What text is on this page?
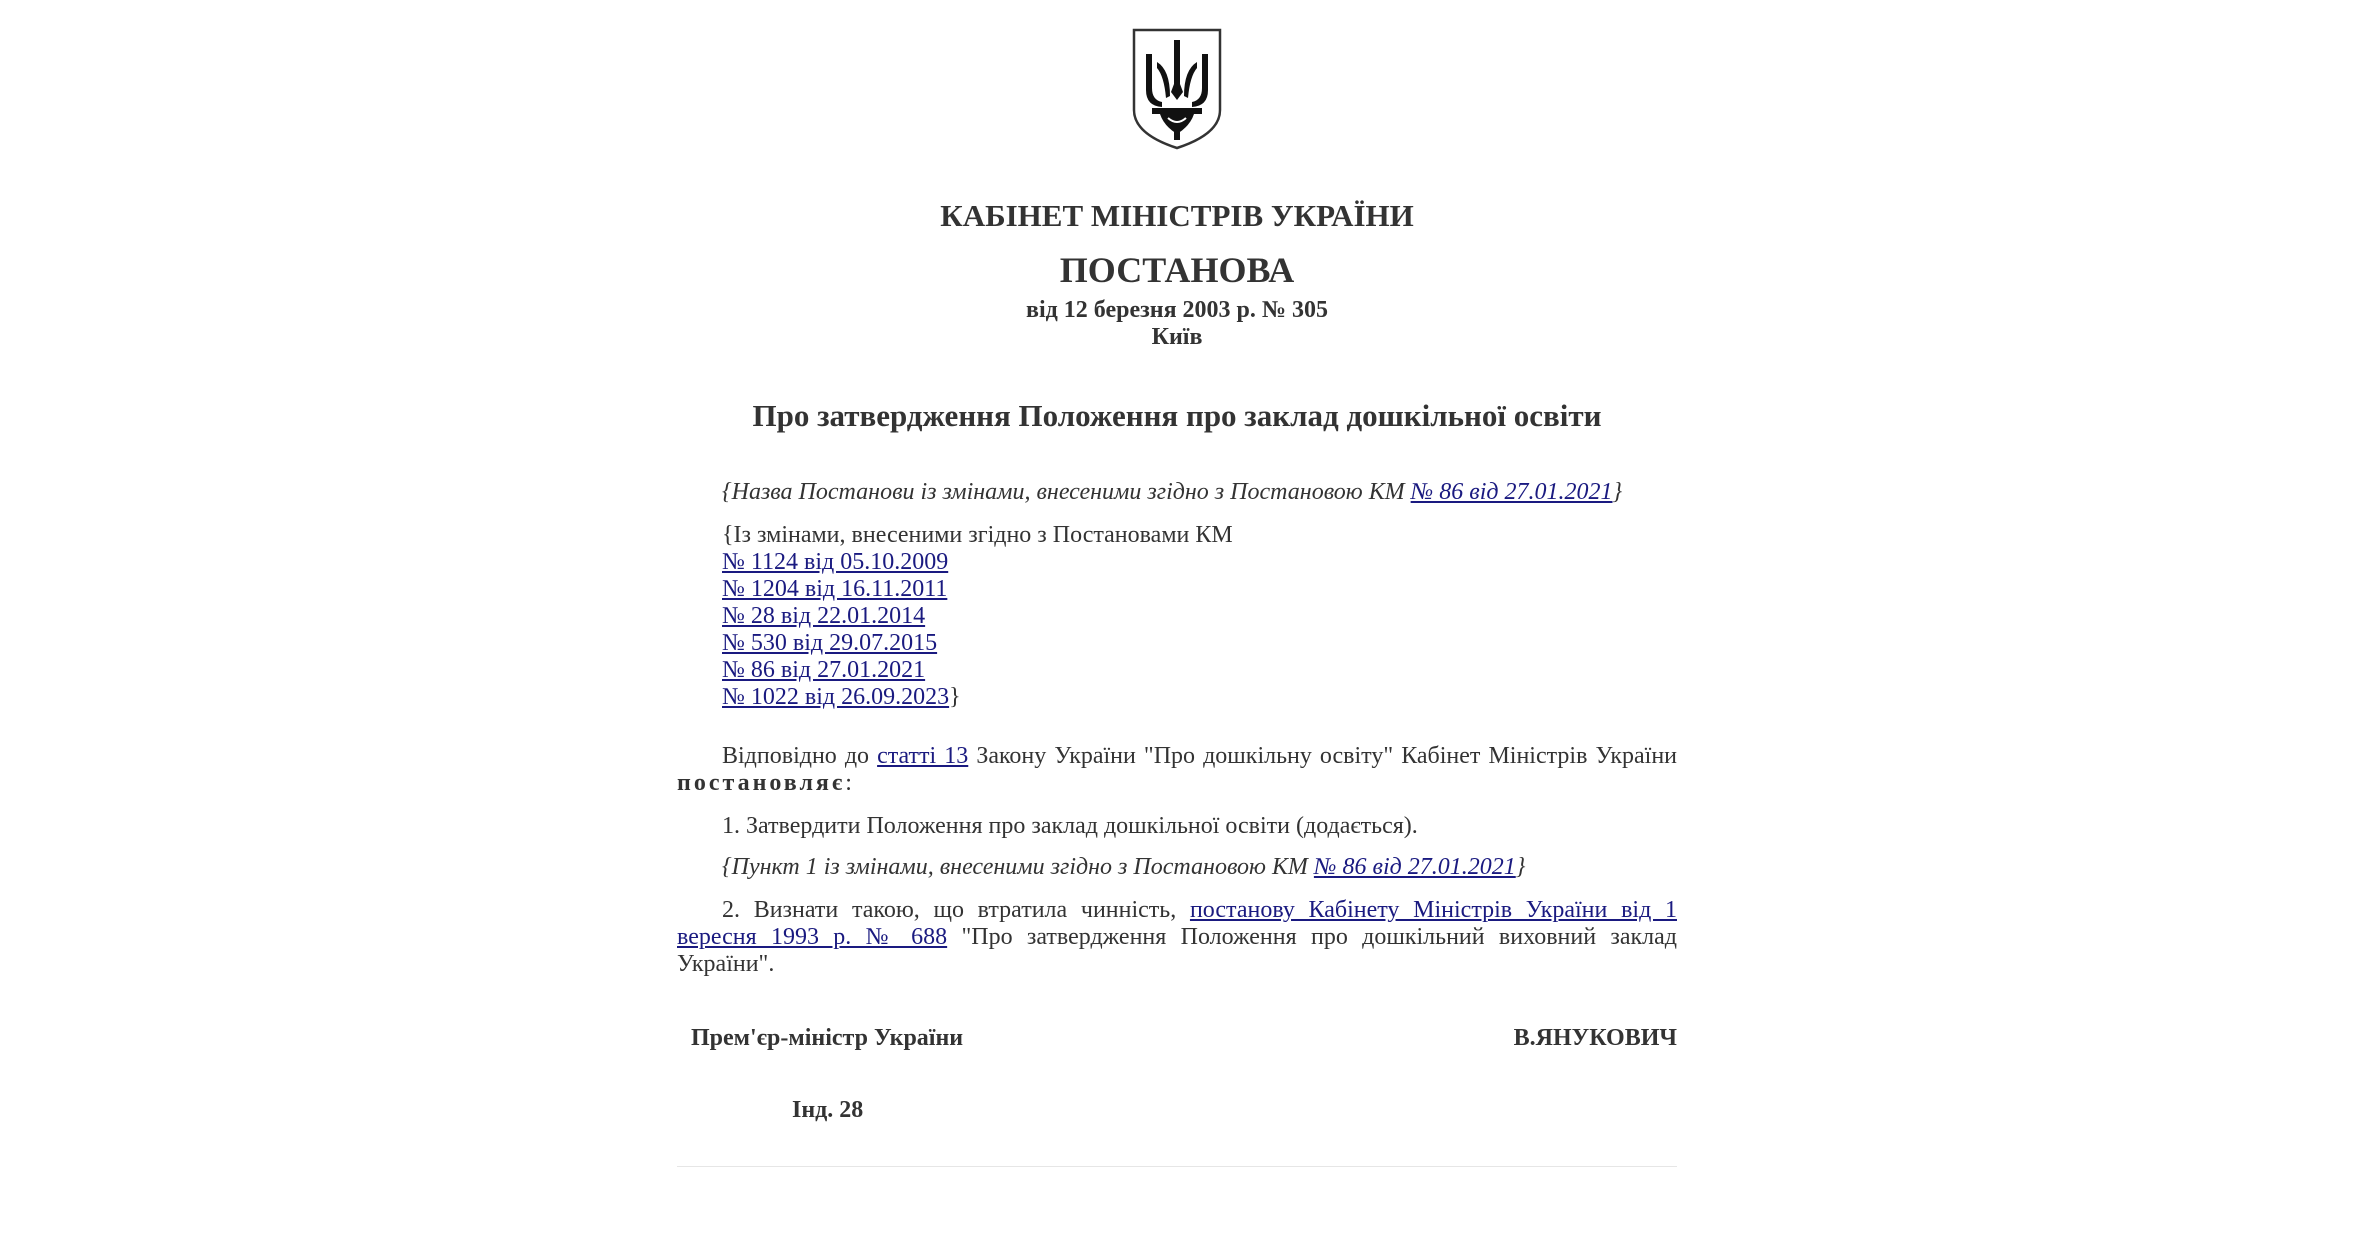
КАБІНЕТ МІНІСТРІВ УКРАЇНИ
ПОСТАНОВА
від 12 березня 2003 р. № 305
Київ
Про затвердження Положення про заклад дошкільної освіти
{Назва Постанови із змінами, внесеними згідно з Постановою КМ № 86 від 27.01.2021}
{Із змінами, внесеними згідно з Постановами КМ
№ 1124 від 05.10.2009
№ 1204 від 16.11.2011
№ 28 від 22.01.2014
№ 530 від 29.07.2015
№ 86 від 27.01.2021
№ 1022 від 26.09.2023}
Відповідно до статті 13 Закону України "Про дошкільну освіту" Кабінет Міністрів України постановляє:
1. Затвердити Положення про заклад дошкільної освіти (додається).
{Пункт 1 із змінами, внесеними згідно з Постановою КМ № 86 від 27.01.2021}
2. Визнати такою, що втратила чинність, постанову Кабінету Міністрів України від 1 вересня 1993 р. № 688 "Про затвердження Положення про дошкільний виховний заклад України".
Прем'єр-міністр України	В.ЯНУКОВИЧ
Інд. 28
